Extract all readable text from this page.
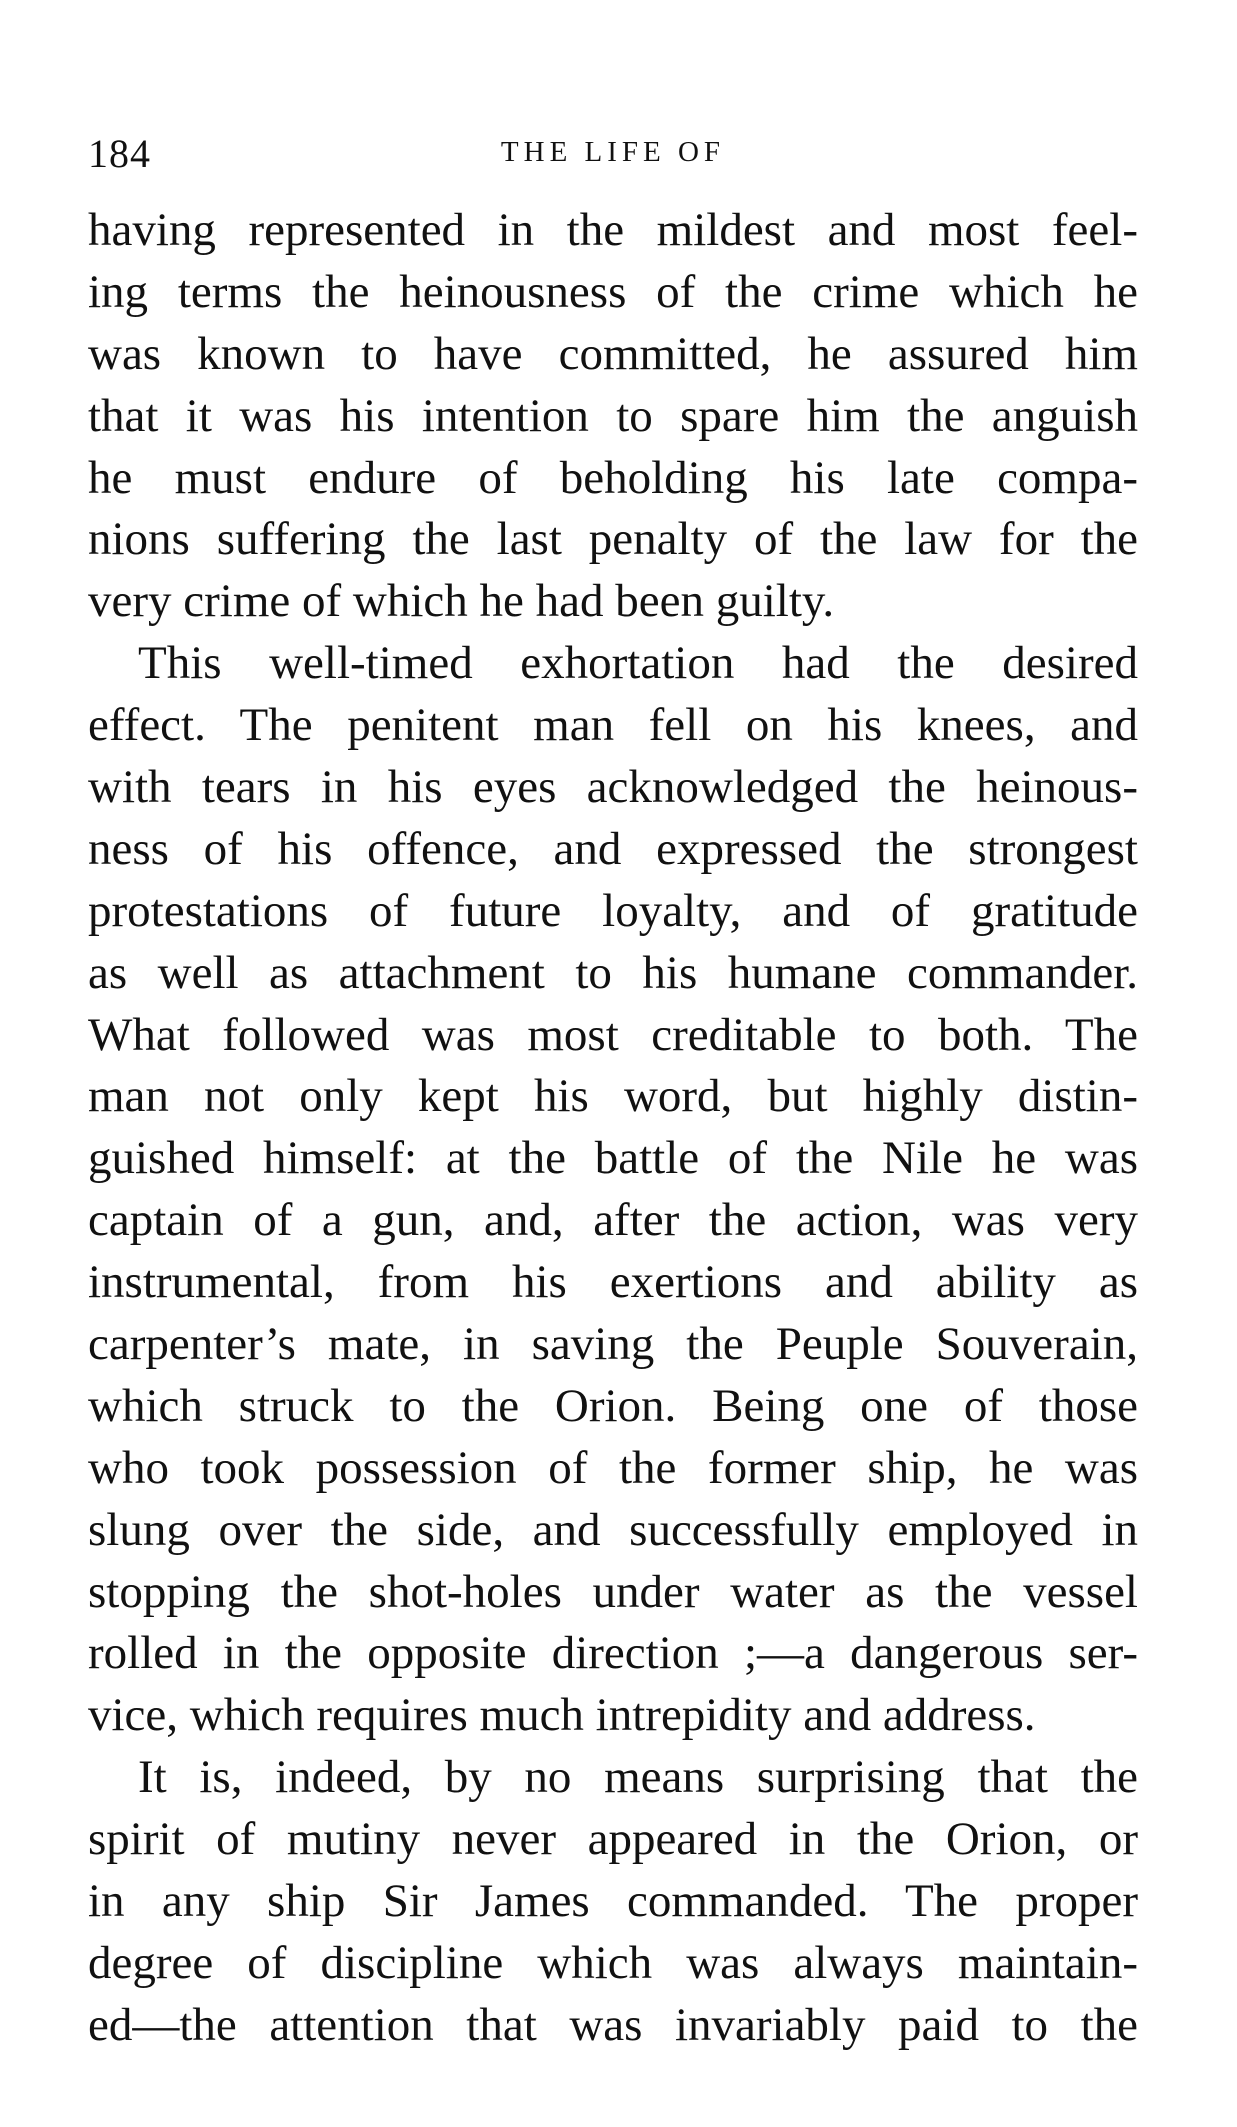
184	THE LIFE OF
having represented in the mildest and most feel-
ing terms the heinousness of the crime which he
was known to have committed, he assured him
that it was his intention to spare him the anguish
he must endure of beholding his late compa-
nions suffering the last penalty of the law for the
very crime of which he had been guilty.
This well-timed exhortation had the desired
effect. The penitent man fell on his knees, and
with tears in his eyes acknowledged the heinous-
ness of his offence, and expressed the strongest
protestations of future loyalty, and of gratitude
as well as attachment to his humane commander.
What followed was most creditable to both. The
man not only kept his word, but highly distin-
guished himself: at the battle of the Nile he was
captain of a gun, and, after the action, was very
instrumental, from his exertions and ability as
carpenter’s mate, in saving the Peuple Souverain,
which struck to the Orion. Being one of those
who took possession of the former ship, he was
slung over the side, and successfully employed in
stopping the shot-holes under water as the vessel
rolled in the opposite direction ;—a dangerous ser-
vice, which requires much intrepidity and address.
It is, indeed, by no means surprising that the
spirit of mutiny never appeared in the Orion, or
in any ship Sir James commanded. The proper
degree of discipline which was always maintain-
ed—the attention that was invariably paid to the
